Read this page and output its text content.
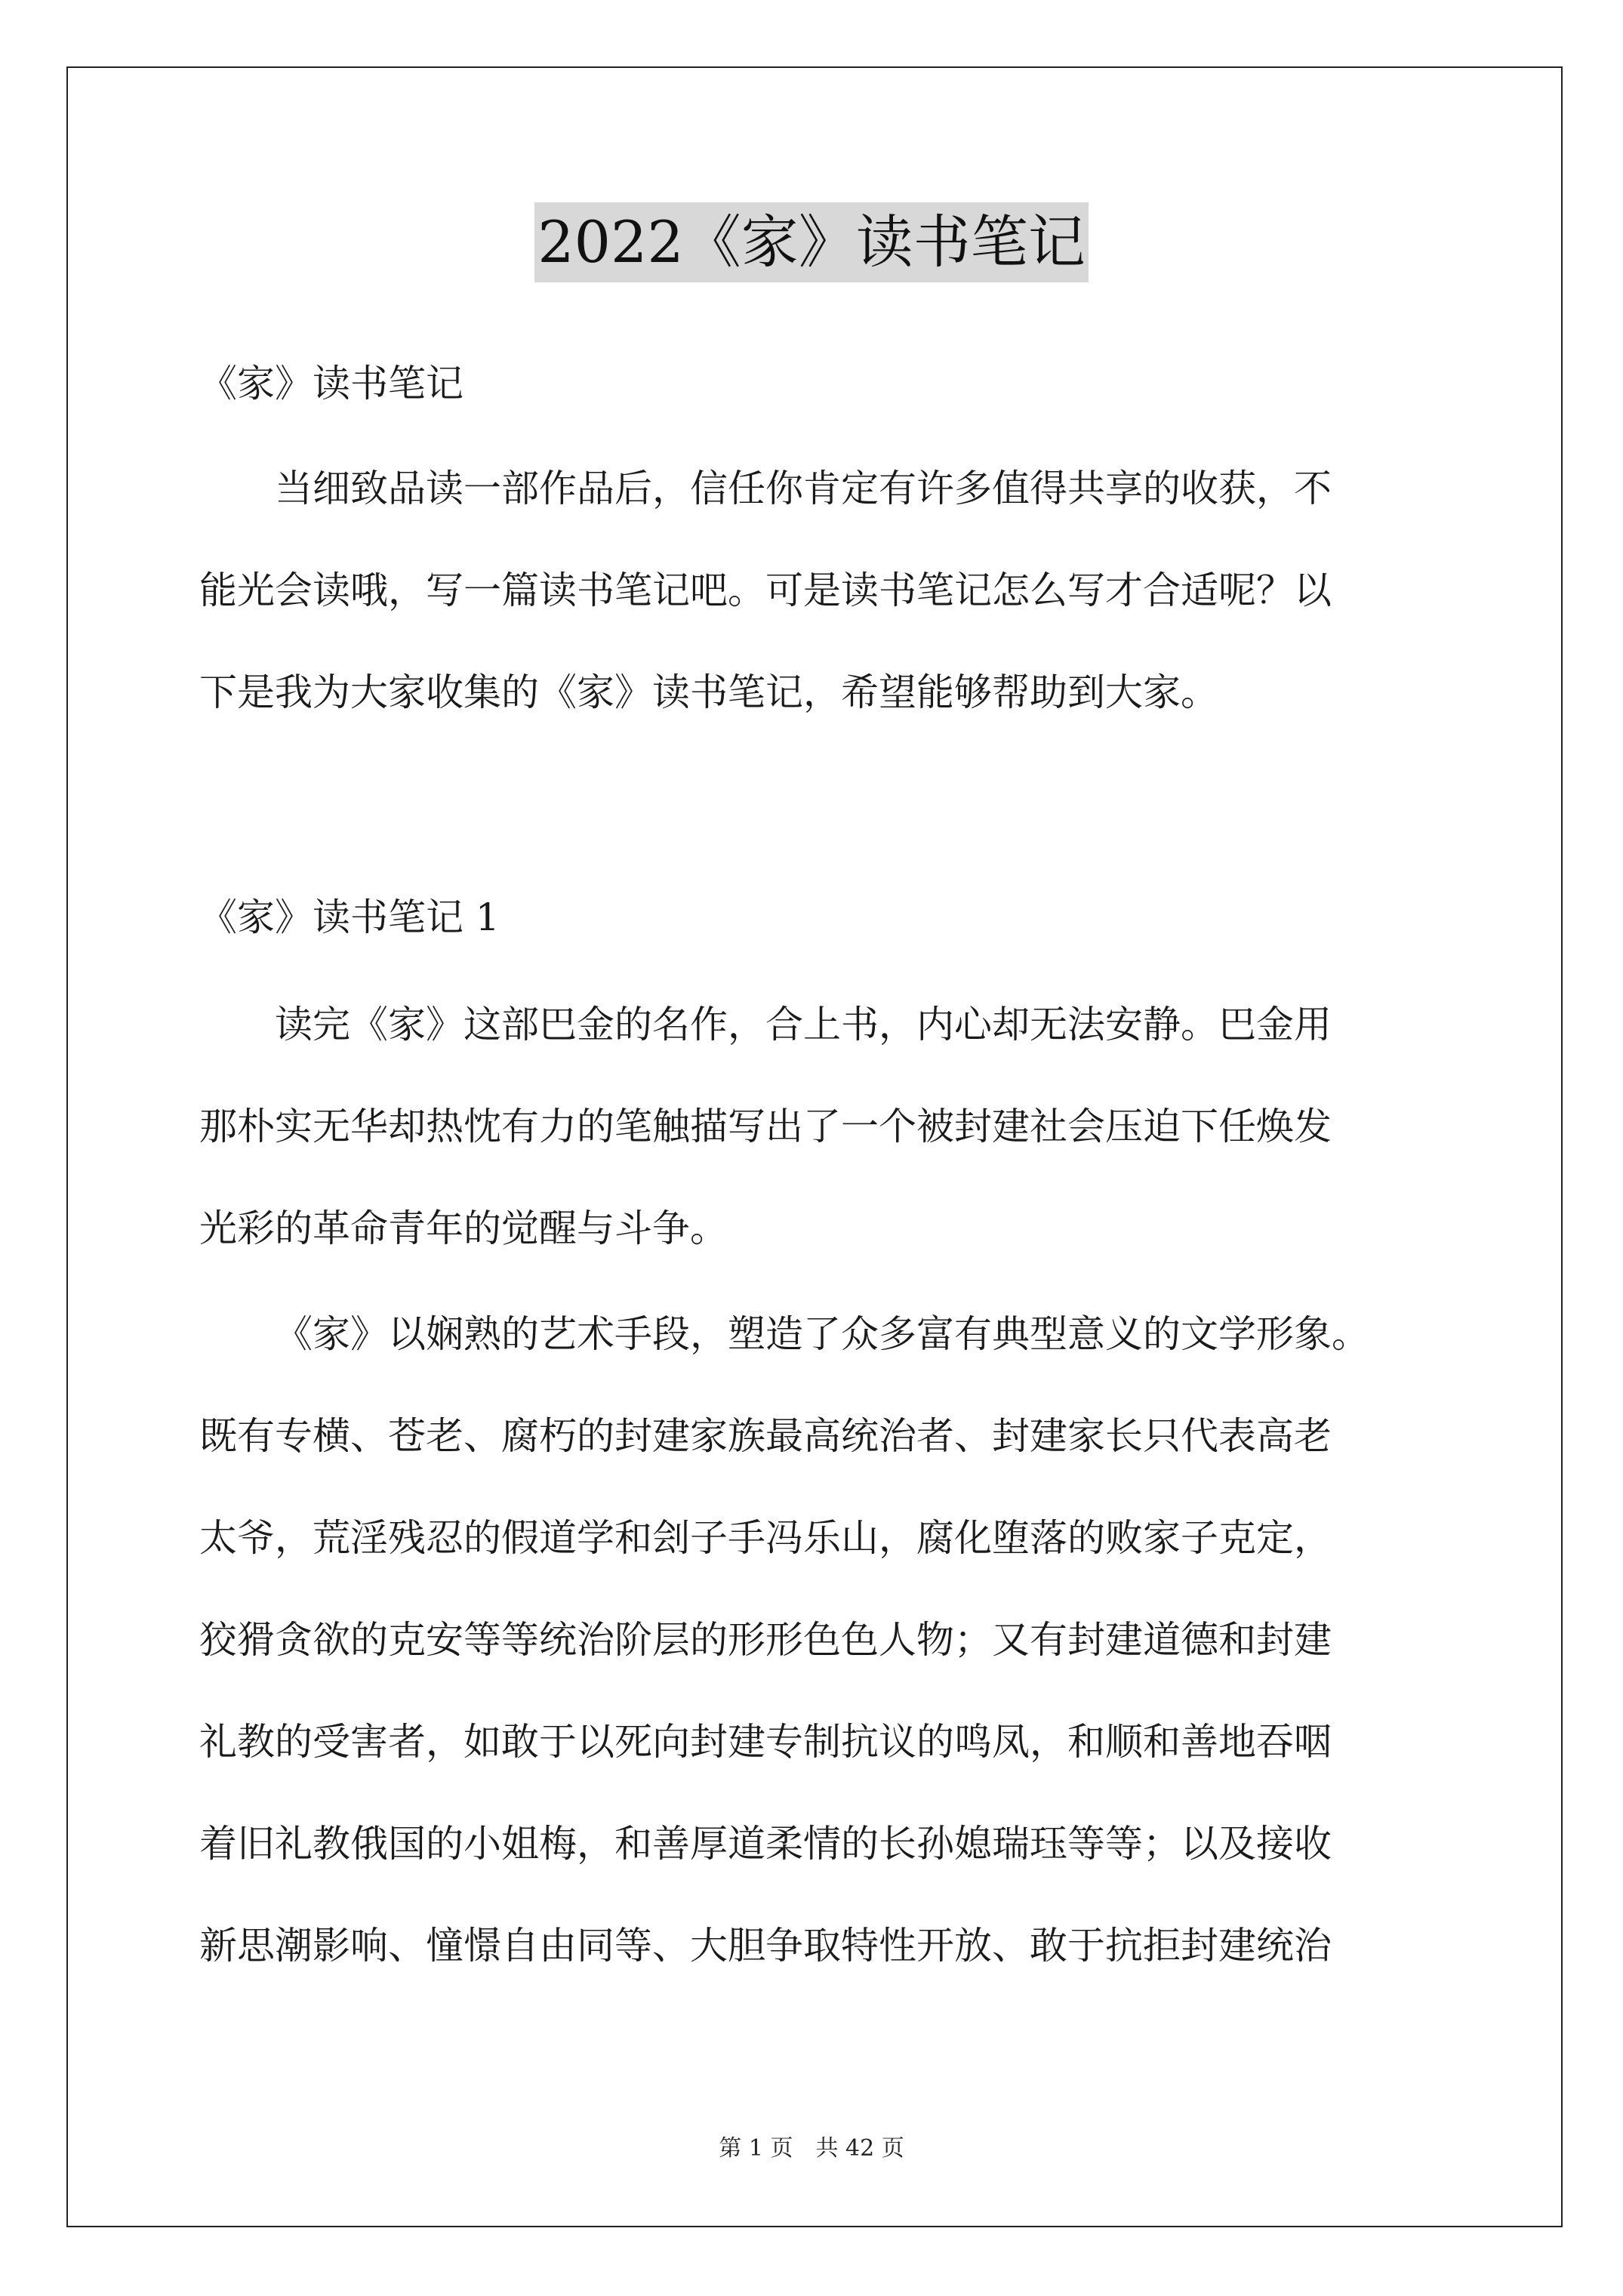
2022《家》读书笔记
《家》读书笔记

当细致品读一部作品后，信任你肯定有许多值得共享的收获，不
能光会读哦，写一篇读书笔记吧。可是读书笔记怎么写才合适呢？以
下是我为大家收集的《家》读书笔记，希望能够帮助到大家。

《家》读书笔记 1

读完《家》这部巴金的名作，合上书，内心却无法安静。巴金用
那朴实无华却热忱有力的笔触描写出了一个被封建社会压迫下任焕发
光彩的革命青年的觉醒与斗争。

《家》以娴熟的艺术手段，塑造了众多富有典型意义的文学形象。
既有专横、苍老、腐朽的封建家族最高统治者、封建家长只代表高老
太爷，荒淫残忍的假道学和刽子手冯乐山，腐化堕落的败家子克定，
狡猾贪欲的克安等等统治阶层的形形色色人物；又有封建道德和封建
礼教的受害者，如敢于以死向封建专制抗议的鸣凤，和顺和善地吞咽
着旧礼教俄国的小姐梅，和善厚道柔情的长孙媳瑞珏等等；以及接收
新思潮影响、憧憬自由同等、大胆争取特性开放、敢于抗拒封建统治

第 1 页　共 42 页
